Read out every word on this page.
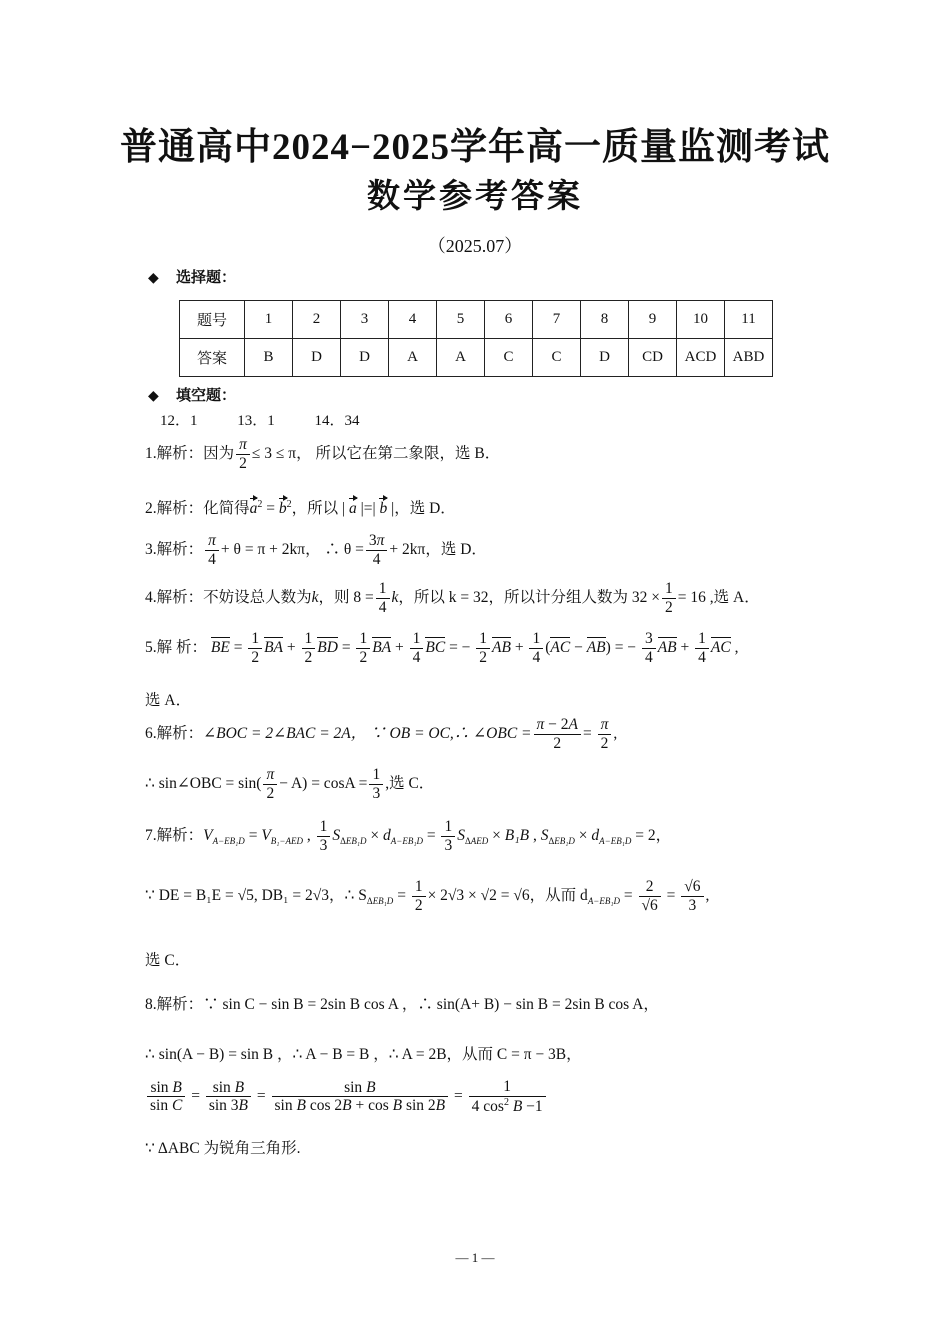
普通高中2024−2025学年高一质量监测考试
数学参考答案
（2025.07）
◆ 选择题：
题号	1	2	3	4	5	6	7	8	9	10	11
答案	B	D	D	A	A	C	C	D	CD	ACD	ABD
◆ 填空题：
12．1	13．1	14．34
1.解析：因为 $\frac{\pi}{2} \le 3 \le \pi$， 所以它在第二象限，选 B．
2.解析：化简得$a^2 = b^2$，所以 | a |=| b |，选 D．
3.解析： $\frac{\pi}{4} + \theta = \pi + 2k\pi$， ∴ $\theta = \frac{3\pi}{4} + 2k\pi$，选 D．
4.解析：不妨设总人数为k，则 $8 = \frac{1}{4}$ k，所以 k = 32，所以计分组人数为 $32 \times \frac{1}{2} = 16$ ,选 A．
5.解 析： BE = $\frac{1}{2}$ BA + $\frac{1}{2}$ BD = $\frac{1}{2}$ BA + $\frac{1}{4}$ BC = − $\frac{1}{2}$ AB + $\frac{1}{4} (AC - AB)$ = − $\frac{3}{4}$ AB + $\frac{1}{4}$ AC ,
选 A．
6.解析：∠BOC = 2∠BAC = 2A， ∵ OB = OC,∴ ∠OBC = $\frac{\pi - 2A}{2} = \frac{\pi}{2}$ ,
∴ sin∠OBC = $\sin( \frac{\pi}{2} - A) = \cos A = \frac{1}{3}$ ,选 C．
7.解析：$V_{A-EB_1D} = V_{B_1-AED}$ , $\frac{1}{3} S_{\Delta EB_1D} \times d_{A-EB_1D} = \frac{1}{3} S_{\Delta AED} \times B_1B$ , $S_{\Delta EB_1D} \times d_{A-EB_1D} = 2$，
∵ DE = B₁E = √5, DB₁ = 2√3，∴ $S_{\Delta EB_1D} = \frac{1}{2} \times 2√3 \times √2 = √6$，从而 $d_{A-EB_1D} = \frac{2}{√6} = \frac{√6}{3}$ ,
选 C．
8.解析：∵ sin C − sin B = 2sin B cos A ，∴ sin(A+ B) − sin B = 2sin B cos A，
∴ sin(A − B) = sin B ，∴ A − B = B ，∴ A = 2B，从而 C = π − 3B，
$\frac{\text{sin B}}{\text{sin C}} = \frac{\text{sin B}}{\sin 3B} = \frac{\text{sin B}}{\text{sin B cos 2B + cos B sin 2B}} = \frac{1}{4 \cos^2 B -1}$
∵ ΔABC 为锐角三角形.
— 1 —
